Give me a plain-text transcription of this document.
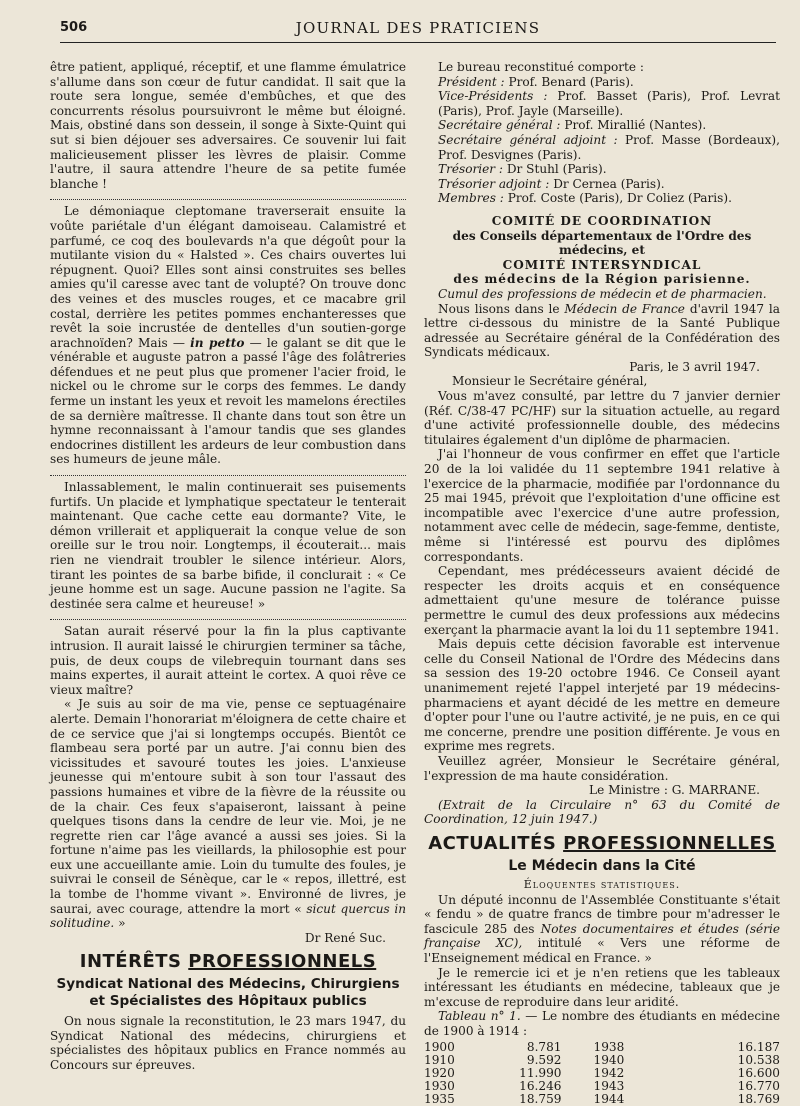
506	JOURNAL DES PRATICIENS

être patient, appliqué, réceptif, et une flamme émulatrice s'allume dans son cœur de futur candidat. Il sait que la route sera longue, semée d'embûches, et que des concurrents résolus poursuivront le même but éloigné. Mais, obstiné dans son dessein, il songe à Sixte-Quint qui sut si bien déjouer ses adversaires. Ce souvenir lui fait malicieusement plisser les lèvres de plaisir. Comme l'autre, il saura attendre l'heure de sa petite fumée blanche !

Le démoniaque cleptomane traverserait ensuite la voûte pariétale d'un élégant damoiseau. Calamistré et parfumé, ce coq des boulevards n'a que dégoût pour la mutilante vision du « Halsted ». Ces chairs ouvertes lui répugnent. Quoi? Elles sont ainsi construites ses belles amies qu'il caresse avec tant de volupté? On trouve donc des veines et des muscles rouges, et ce macabre gril costal, derrière les petites pommes enchanteresses que revêt la soie incrustée de dentelles d'un soutien-gorge arachnoïden? Mais — in petto — le galant se dit que le vénérable et auguste patron a passé l'âge des folâtreries défendues et ne peut plus que promener l'acier froid, le nickel ou le chrome sur le corps des femmes. Le dandy ferme un instant les yeux et revoit les mamelons érectiles de sa dernière maîtresse. Il chante dans tout son être un hymne reconnaissant à l'amour tandis que ses glandes endocrines distillent les ardeurs de leur combustion dans ses humeurs de jeune mâle.

Inlassablement, le malin continuerait ses puisements furtifs. Un placide et lymphatique spectateur le tenterait maintenant. Que cache cette eau dormante? Vite, le démon vrillerait et appliquerait la conque velue de son oreille sur le trou noir. Longtemps, il écouterait... mais rien ne viendrait troubler le silence intérieur. Alors, tirant les pointes de sa barbe bifide, il conclurait : « Ce jeune homme est un sage. Aucune passion ne l'agite. Sa destinée sera calme et heureuse! »

Satan aurait réservé pour la fin la plus captivante intrusion. Il aurait laissé le chirurgien terminer sa tâche, puis, de deux coups de vilebrequin tournant dans ses mains expertes, il aurait atteint le cortex. A quoi rêve ce vieux maître?

« Je suis au soir de ma vie, pense ce septuagénaire alerte. Demain l'honorariat m'éloignera de cette chaire et de ce service que j'ai si longtemps occupés. Bientôt ce flambeau sera porté par un autre. J'ai connu bien des vicissitudes et savouré toutes les joies. L'anxieuse jeunesse qui m'entoure subit à son tour l'assaut des passions humaines et vibre de la fièvre de la réussite ou de la chair. Ces feux s'apaiseront, laissant à peine quelques tisons dans la cendre de leur vie. Moi, je ne regrette rien car l'âge avancé a aussi ses joies. Si la fortune n'aime pas les vieillards, la philosophie est pour eux une accueillante amie. Loin du tumulte des foules, je suivrai le conseil de Sénèque, car le « repos, illettré, est la tombe de l'homme vivant ». Environné de livres, je saurai, avec courage, attendre la mort « sicut quercus in solitudine. »

Dr René Suc.
INTÉRÊTS PROFESSIONNELS
Syndicat National des Médecins, Chirurgiens et Spécialistes des Hôpitaux publics

On nous signale la reconstitution, le 23 mars 1947, du Syndicat National des médecins, chirurgiens et spécialistes des hôpitaux publics en France nommés au Concours sur épreuves.

Le bureau reconstitué comporte :

Président : Prof. Benard (Paris).

Vice-Présidents : Prof. Basset (Paris), Prof. Levrat (Paris), Prof. Jayle (Marseille).

Secrétaire général : Prof. Mirallié (Nantes).

Secrétaire général adjoint : Prof. Masse (Bordeaux), Prof. Desvignes (Paris).

Trésorier : Dr Stuhl (Paris).

Trésorier adjoint : Dr Cernea (Paris).

Membres : Prof. Coste (Paris), Dr Coliez (Paris).

COMITÉ DE COORDINATION
des Conseils départementaux de l'Ordre des médecins, et
COMITÉ INTERSYNDICAL
des médecins de la Région parisienne.

Cumul des professions de médecin et de pharmacien.

Nous lisons dans le Médecin de France d'avril 1947 la lettre ci-dessous du ministre de la Santé Publique adressée au Secrétaire général de la Confédération des Syndicats médicaux.

Paris, le 3 avril 1947.

Monsieur le Secrétaire général,

Vous m'avez consulté, par lettre du 7 janvier dernier (Réf. C/38-47 PC/HF) sur la situation actuelle, au regard d'une activité professionnelle double, des médecins titulaires également d'un diplôme de pharmacien.

J'ai l'honneur de vous confirmer en effet que l'article 20 de la loi validée du 11 septembre 1941 relative à l'exercice de la pharmacie, modifiée par l'ordonnance du 25 mai 1945, prévoit que l'exploitation d'une officine est incompatible avec l'exercice d'une autre profession, notamment avec celle de médecin, sage-femme, dentiste, même si l'intéressé est pourvu des diplômes correspondants.

Cependant, mes prédécesseurs avaient décidé de respecter les droits acquis et en conséquence admettaient qu'une mesure de tolérance puisse permettre le cumul des deux professions aux médecins exerçant la pharmacie avant la loi du 11 septembre 1941.

Mais depuis cette décision favorable est intervenue celle du Conseil National de l'Ordre des Médecins dans sa session des 19-20 octobre 1946. Ce Conseil ayant unanimement rejeté l'appel interjeté par 19 médecins-pharmaciens et ayant décidé de les mettre en demeure d'opter pour l'une ou l'autre activité, je ne puis, en ce qui me concerne, prendre une position différente. Je vous en exprime mes regrets.

Veuillez agréer, Monsieur le Secrétaire général, l'expression de ma haute considération.

Le Ministre : G. MARRANE.

(Extrait de la Circulaire n° 63 du Comité de Coordination, 12 juin 1947.)

ACTUALITÉS PROFESSIONNELLES
Le Médecin dans la Cité
Éloquentes statistiques.

Un député inconnu de l'Assemblée Constituante s'était « fendu » de quatre francs de timbre pour m'adresser le fascicule 285 des Notes documentaires et études (série française XC), intitulé « Vers une réforme de l'Enseignement médical en France. »

Je le remercie ici et je n'en retiens que les tableaux intéressant les étudiants en médecine, tableaux que je m'excuse de reproduire dans leur aridité.

Tableau n° 1. — Le nombre des étudiants en médecine de 1900 à 1914 :

1900	8.781	1938	16.187
1910	9.592	1940	10.538
1920	11.990	1942	16.600
1930	16.246	1943	16.770
1935	18.759	1944	18.769
